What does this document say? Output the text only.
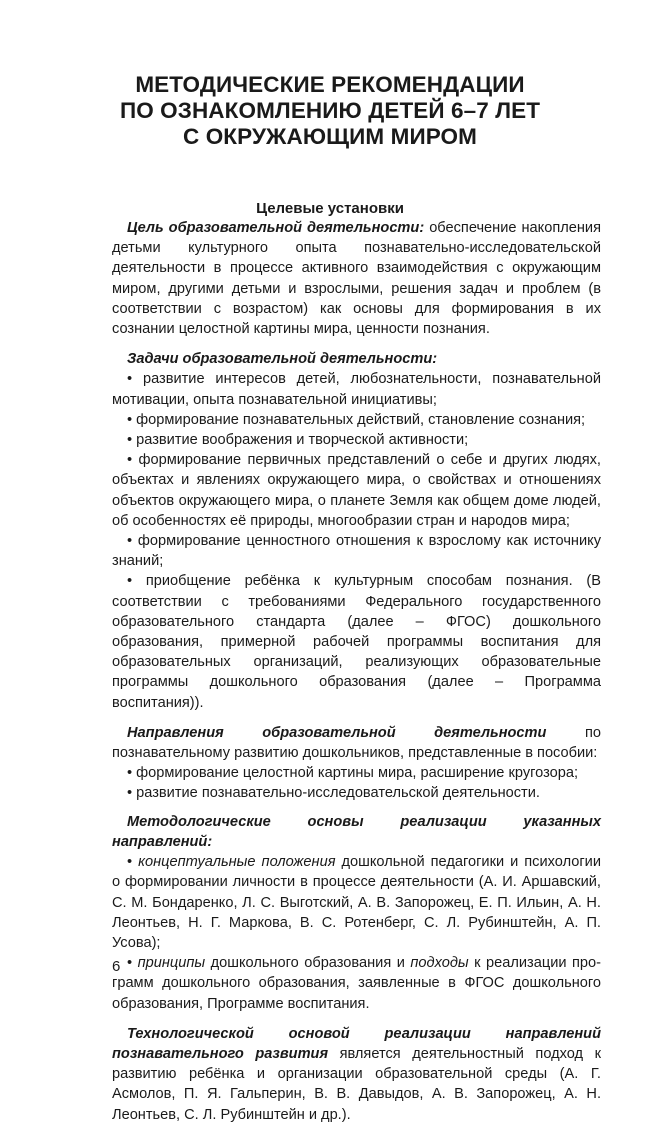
МЕТОДИЧЕСКИЕ РЕКОМЕНДАЦИИ
ПО ОЗНАКОМЛЕНИЮ ДЕТЕЙ 6–7 ЛЕТ
С ОКРУЖАЮЩИМ МИРОМ
Целевые установки

Цель образовательной деятельности: обеспечение накопления детьми культурного опыта познавательно-исследовательской деятельности в процессе активного взаимодействия с окружающим миром, другими детьми и взрослыми, решения задач и проблем (в соответствии с возрастом) как основы для формирования в их сознании целостной картины мира, ценности познания.

Задачи образовательной деятельности:

• развитие интересов детей, любознательности, познавательной мотивации, опыта познавательной инициативы;

• формирование познавательных действий, становление сознания;

• развитие воображения и творческой активности;

• формирование первичных представлений о себе и других людях, объектах и явлениях окружающего мира, о свойствах и отношениях объектов окружающего мира, о планете Земля как общем доме людей, об особенностях её природы, многообразии стран и народов мира;

• формирование ценностного отношения к взрослому как источнику знаний;

• приобщение ребёнка к культурным способам познания. (В соответствии с требованиями Федерального государственного образовательного стандарта (далее – ФГОС) дошкольного образования, примерной рабочей программы воспитания для образовательных организаций, реализующих образовательные программы дошкольного образования (далее – Программа воспитания)).

Направления образовательной деятельности по познавательному развитию дошкольников, представленные в пособии:

• формирование целостной картины мира, расширение кругозора;

• развитие познавательно-исследовательской деятельности.

Методологические основы реализации указанных направлений:

• концептуальные положения дошкольной педагогики и психологии о формировании личности в процессе деятельности (А. И. Аршавский, С. М. Бондаренко, Л. С. Выготский, А. В. Запорожец, Е. П. Ильин, А. Н. Леонтьев, Н. Г. Маркова, В. С. Ротенберг, С. Л. Рубинштейн, А. П. Усова);

• принципы дошкольного образования и подходы к реализации программ дошкольного образования, заявленные в ФГОС дошкольного образования, Программе воспитания.

Технологической основой реализации направлений познавательного развития является деятельностный подход к развитию ребёнка и организации образовательной среды (А. Г. Асмолов, П. Я. Гальперин, В. В. Давыдов, А. В. Запорожец, А. Н. Леонтьев, С. Л. Рубинштейн и др.).

6
